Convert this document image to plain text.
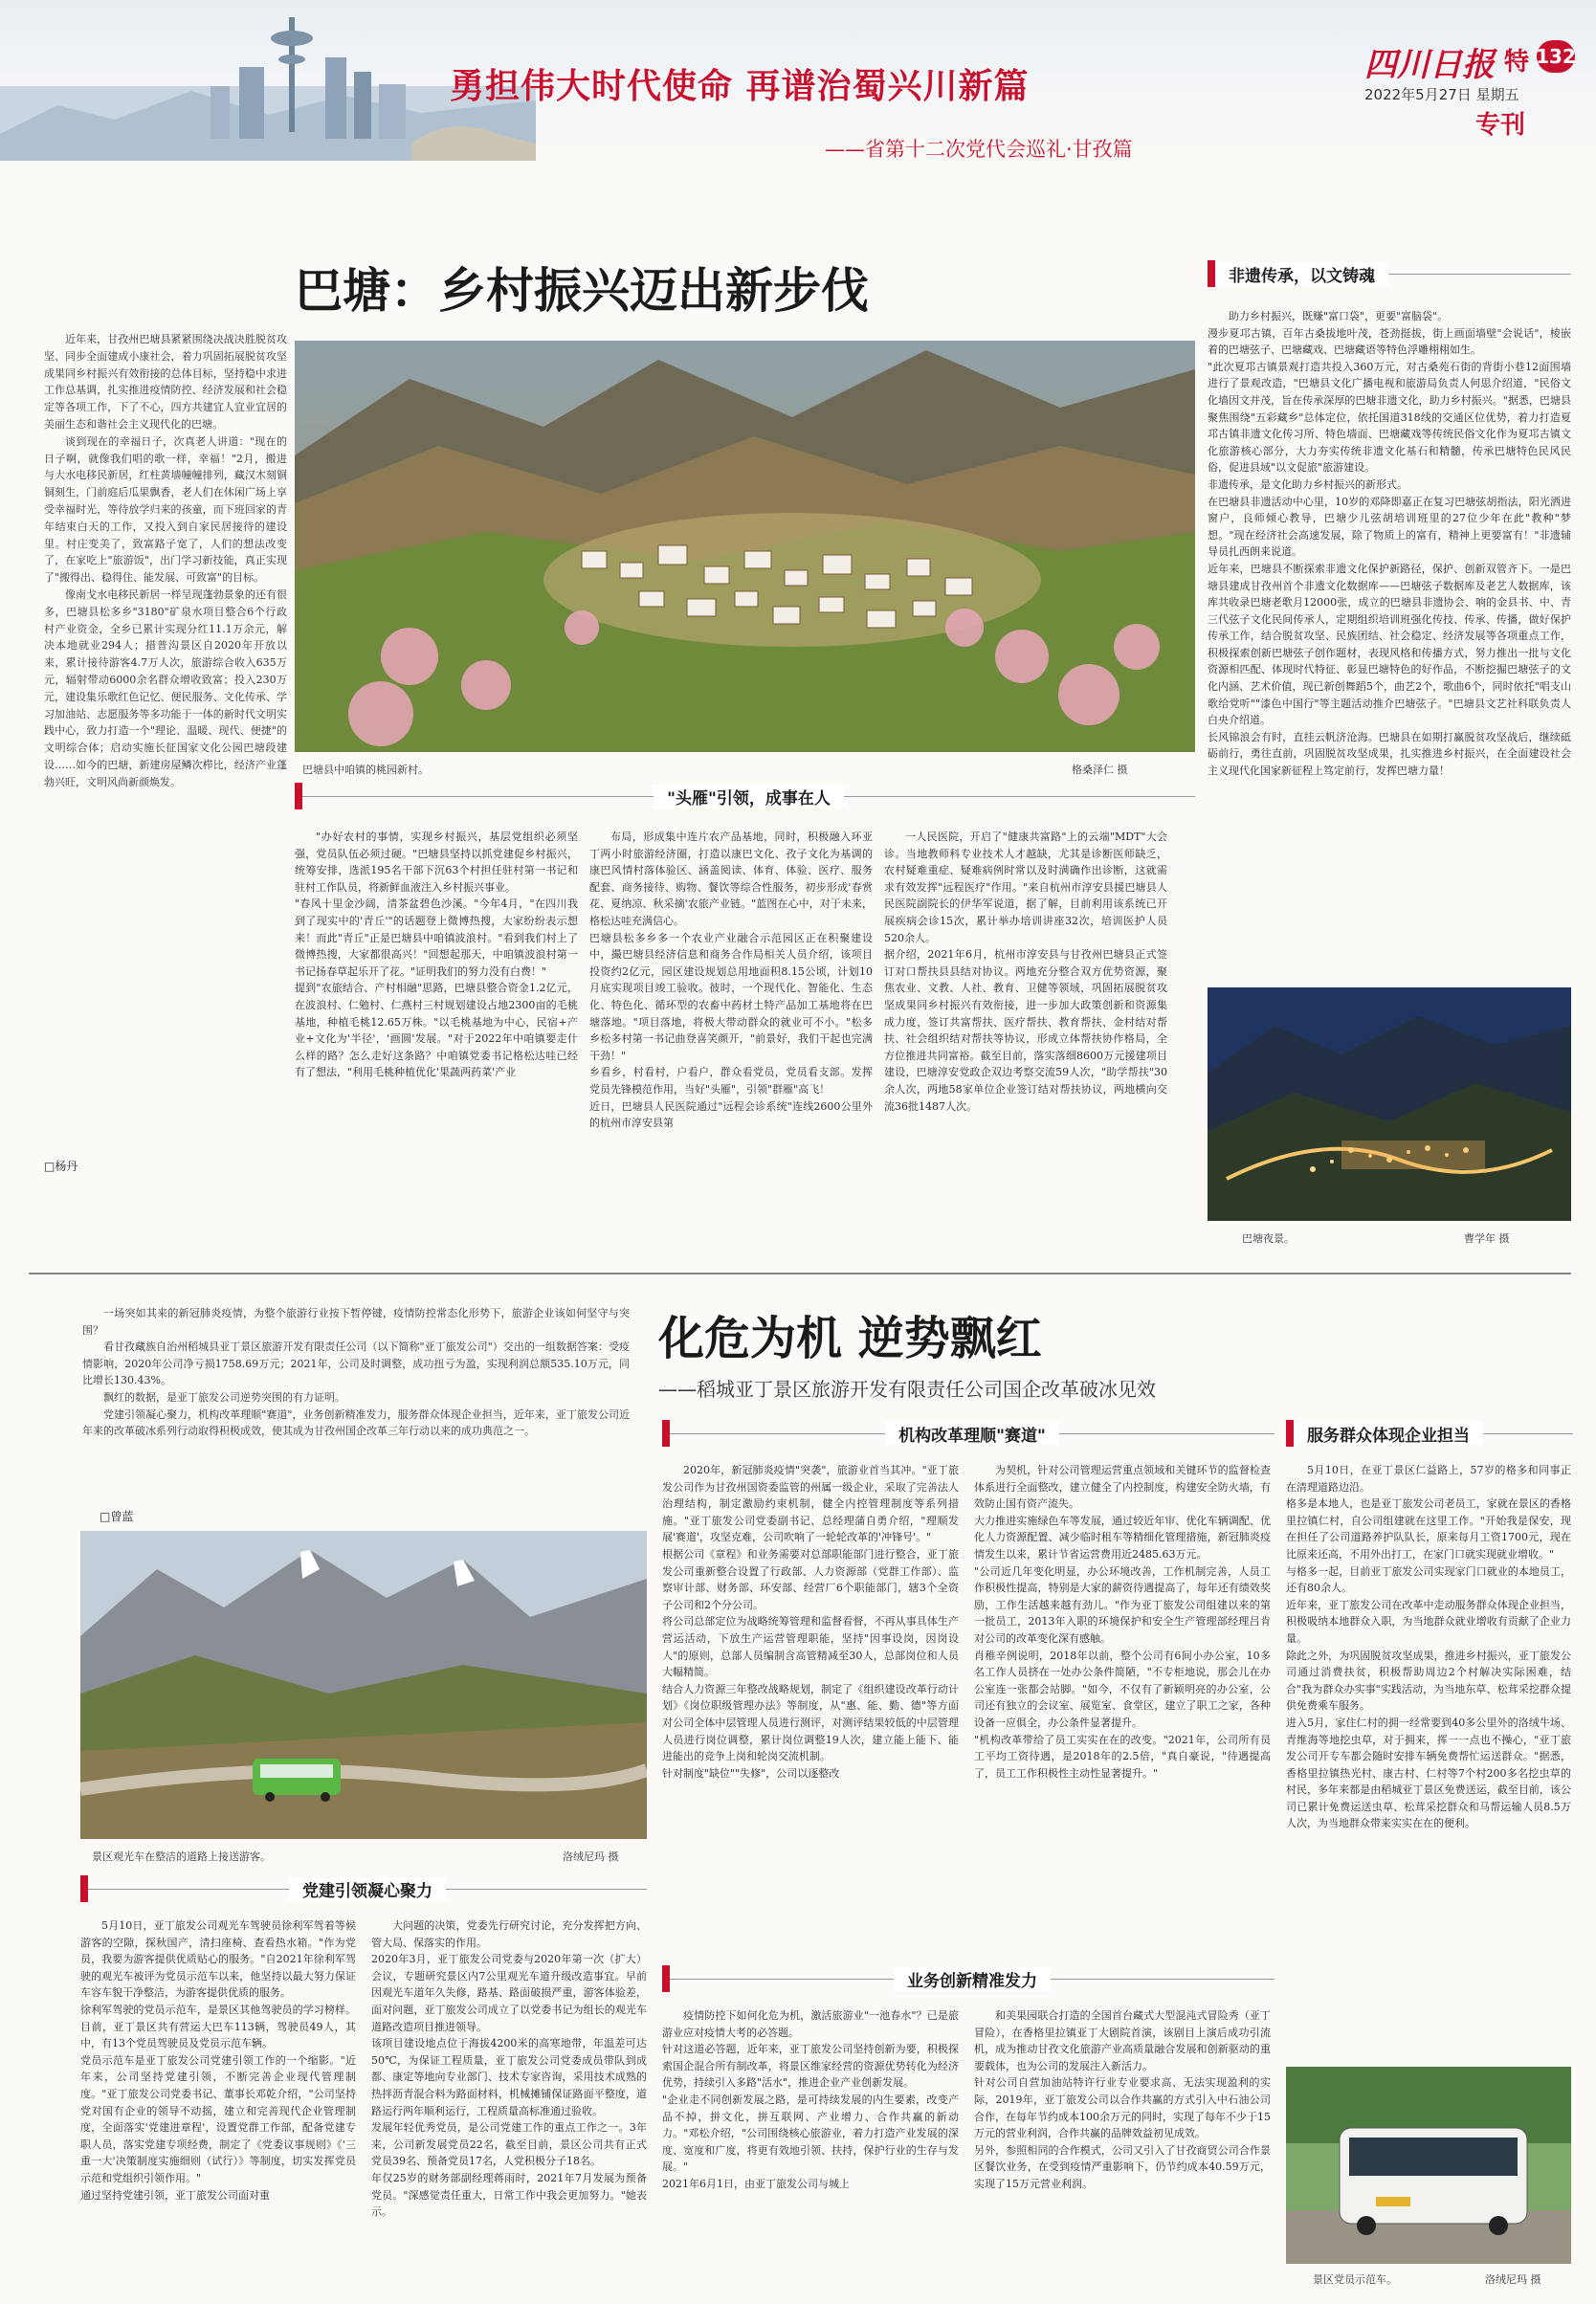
勇担伟大时代使命 再谱治蜀兴川新篇
——省第十二次党代会巡礼·甘孜篇
四川日报 特 132
2022年5月27日 星期五
专刊
巴塘：乡村振兴迈出新步伐

近年来，甘孜州巴塘县紧紧围绕决战决胜脱贫攻坚、同步全面建成小康社会，着力巩固拓展脱贫攻坚成果同乡村振兴有效衔接的总体目标，坚持稳中求进工作总基调，扎实推进疫情防控、经济发展和社会稳定等各项工作，下了不心，四方共建宜人宜业宜居的美丽生态和谐社会主义现代化的巴塘。

谈到现在的幸福日子，次真老人讲道："现在的日子啊，就像我们唱的歌一样，幸福！"2月，搬进与大水电移民新居，红柱黄墙幢幢排列，藏汉木刻铜铜刻生，门前庭后瓜果飘香，老人们在休闲广场上享受幸福时光，等待放学归来的孩童，而下班回家的青年结束白天的工作，又投入到自家民居接待的建设里。村庄变美了，致富路子宽了，人们的想法改变了，在家吃上"旅游饭"，出门学习新技能，真正实现了"搬得出、稳得住、能发展、可致富"的目标。

像南戈水电移民新居一样呈现蓬勃景象的还有很多，巴塘县松多乡"3180"矿泉水项目整合6个行政村产业资金，全乡已累计实现分红11.1万余元，解决本地就业294人；措普沟景区自2020年开放以来，累计接待游客4.7万人次，旅游综合收入635万元，辐射带动6000余名群众增收致富；投入230万元，建设集乐歌红色记忆、便民服务、文化传承、学习加油站、志愿服务等多功能于一体的新时代文明实践中心，致力打造一个"理论、温暖、现代、便捷"的文明综合体；启动实施长征国家文化公园巴塘段建设……如今的巴塘，新建房屋鳞次栉比，经济产业蓬勃兴旺，文明风尚新颜焕发。

□杨丹
巴塘县中咱镇的桃园新村。	格桑泽仁 摄
"头雁"引领，成事在人
"办好农村的事情，实现乡村振兴，基层党组织必须坚强，党员队伍必须过硬。"巴塘县坚持以抓党建促乡村振兴，统筹安排，选派195名干部下沉63个村担任驻村第一书记和驻村工作队员，将新鲜血液注入乡村振兴事业。
"春风十里金沙阔，清茶盆碧色沙溪。"今年4月，"在四川我到了现实中的'青丘'"的话题登上微博热搜，大家纷纷表示想来！而此"青丘"正是巴塘县中咱镇波浪村。"看到我们村上了微博热搜，大家都很高兴！"回想起那天，中咱镇波浪村第一书记扬春草起乐开了花。"证明我们的努力没有白费！"
提到"农旅结合、产村相融"思路，巴塘县整合资金1.2亿元，在波浪村、仁勉村、仁燕村三村规划建设占地2300亩的毛桃基地，种植毛桃12.65万株。"以毛桃基地为中心，民宿+产业+文化为'半径'，'画圆'发展。"对于2022年中咱镇要走什么样的路？怎么走好这条路？中咱镇党委书记格松达哇已经有了想法，"利用毛桃种植优化'果蔬两药菜'产业
布局，形成集中连片农产品基地，同时，积极融入环亚丁两小时旅游经济圈，打造以康巴文化、孜子文化为基调的康巴风情村落体验区、涵盖阅读、体育、体验、医疗、服务配套、商务接待、购物、餐饮等综合性服务，初步形成'春赏花、夏纳凉、秋采摘'农旅产业链。"蓝图在心中，对于未来，格松达哇充满信心。
巴塘县松多乡多一个农业产业融合示范园区正在积聚建设中，撮巴塘县经济信息和商务合作局相关人员介绍，该项目投资约2亿元，园区建设规划总用地面积8.15公顷，计划10月底实现项目竣工验收。彼时，一个现代化、智能化、生态化、特色化、循环型的农畜中药材土特产品加工基地将在巴塘落地。"项目落地，将极大带动群众的就业可不小。"松多乡松多村第一书记曲登喜笑颜开，"前景好，我们干起也完满干劲！"
乡看乡，村看村，户看户，群众看党员，党员看支部。发挥党员先锋模范作用，当好"头雁"，引领"群雁"高飞！
近日，巴塘县人民医院通过"远程会诊系统"连线2600公里外的杭州市淳安县第
一人民医院，开启了"健康共富路"上的云端"MDT"大会诊。当地教师科专业技术人才越缺，尤其是诊断医师缺乏，农村疑难重症、疑难病例时常以及时满确作出诊断，这就需求有效发挥"远程医疗"作用。"来自杭州市淳安县援巴塘县人民医院副院长的伊华军说道，据了解，目前利用该系统已开展疾病会诊15次，累计举办培训讲座32次，培训医护人员520余人。
据介绍，2021年6月，杭州市淳安县与甘孜州巴塘县正式签订对口帮扶县县结对协议。两地充分整合双方优势资源，聚焦农业、文教、人社、教育、卫健等领域，巩固拓展脱贫攻坚成果同乡村振兴有效衔接，进一步加大政策创新和资源集成力度，签订共富帮扶、医疗帮扶、教育帮扶、金村结对帮扶、社会组织结对帮扶等协议，形成立体帮扶协作格局，全方位推进共同富裕。截至目前，落实落细8600万元援建项目建设，巴塘淳安党政企双边考察交流59人次，"助学帮扶"30余人次，两地58家单位企业签订结对帮扶协议，两地横向交流36批1487人次。
非遗传承，以文铸魂
助力乡村振兴，既赚"富口袋"，更要"富脑袋"。
漫步夏邛古镇，百年古桑拔地叶茂，苍劲挺拔，街上画面墙壁"会说话"，棱嵌着的巴塘弦子、巴塘藏戏、巴塘藏语等特色浮雕栩栩如生。
"此次夏邛古镇景观打造共投入360万元，对古桑苑石街的背街小巷12面围墙进行了景观改造，"巴塘县文化广播电视和旅游局负责人何思介绍道，"民俗文化墙因文并茂，旨在传承深厚的巴塘非遗文化，助力乡村振兴。"据悉，巴塘县聚焦围绕"五彩藏乡"总体定位，依托国道318线的交通区位优势，着力打造夏邛古镇非遗文化传习所、特色墙面、巴塘藏戏等传统民俗文化作为夏邛古镇文化旅游核心部分，大力夯实传统非遗文化基石和精髓，传承巴塘特色民风民俗，促进县域"以文促旅"旅游建设。
非遗传承，是文化助力乡村振兴的新形式。
在巴塘县非遗活动中心里，10岁的邓降即嘉正在复习巴塘弦胡指法，阳光洒进窗户，良师倾心教导，巴塘少儿弦胡培训班里的27位少年在此"教种"梦想。"现在经济社会高速发展，除了物质上的富有，精神上更要富有！"非遗辅导员扎西朗来说道。
近年来，巴塘县不断探索非遗文化保护新路径，保护、创新双管齐下。一是巴塘县建成甘孜州首个非遗文化数据库——巴塘弦子数据库及老艺人数据库，该库共收录巴塘老歌月12000张，成立的巴塘县非遗协会、响的金县书、中、青三代弦子文化民间传承人，定期组织培训班强化传技、传承、传播，做好保护传承工作，结合脱贫攻坚、民族团结、社会稳定、经济发展等各项重点工作，积极探索创新巴塘弦子创作题材，表现风格和传播方式，努力推出一批与文化资源相匹配、体现时代特征、彰显巴塘特色的好作品，不断挖掘巴塘弦子的文化内涵、艺术价值，现已新创舞蹈5个，曲艺2个，歌曲6个，同时依托"唱支山歌给党听""漆色中国行"等主题活动推介巴塘弦子。"巴塘县文艺社科联负责人白央介绍道。
长风锦浪会有时，直挂云帆济沧海。巴塘县在如期打赢脱贫攻坚战后，继续砥砺前行，勇往直前，巩固脱贫攻坚成果，扎实推进乡村振兴，在全面建设社会主义现代化国家新征程上笃定前行，发挥巴塘力量！
巴塘夜景。	曹学年 摄
化危为机 逆势飘红
——稻城亚丁景区旅游开发有限责任公司国企改革破冰见效

一场突如其来的新冠肺炎疫情，为整个旅游行业按下暂停键，疫情防控常态化形势下，旅游企业该如何坚守与突围？

看甘孜藏族自治州稻城县亚丁景区旅游开发有限责任公司（以下简称"亚丁旅发公司"）交出的一组数据答案：受疫情影响，2020年公司净亏损1758.69万元；2021年，公司及时调整，成功扭亏为盈，实现利润总额535.10万元，同比增长130.43%。

飘红的数据，是亚丁旅发公司逆势突围的有力证明。

党建引领凝心聚力，机构改革理顺"赛道"，业务创新精准发力，服务群众体现企业担当，近年来，亚丁旅发公司近年来的改革破冰系列行动取得积极成效，使其成为甘孜州国企改革三年行动以来的成功典范之一。

□曾蓝
景区观光车在整洁的道路上接送游客。	洛绒尼玛 摄
党建引领凝心聚力
5月10日，亚丁旅发公司观光车驾驶员徐利军驾着等候游客的空隙，探秋国产，清扫座椅、查看热水箱。"作为党员，我要为游客提供优质贴心的服务。"自2021年徐利军驾驶的观光车被评为党员示范车以来，他坚持以最大努力保证车容车貌干净整洁，为游客提供优质的服务。
徐利军驾驶的党员示范车，是景区其他驾驶员的学习榜样。目前，亚丁景区共有营运大巴车113辆，驾驶员49人，其中，有13个党员驾驶员及党员示范车辆。
党员示范车是亚丁旅发公司党建引领工作的一个缩影。"近年来，公司坚持党建引领，不断完善企业现代管理制度。"亚丁旅发公司党委书记、董事长邓乾介绍，"公司坚持党对国有企业的领导不动摇，建立和完善现代企业管理制度，全面落实'党建进章程'，设置党群工作部，配备党建专职人员，落实党建专项经费，制定了《党委议事规则》《'三重一大'决策制度实施细则（试行）》等制度，切实发挥党员示范和党组织引领作用。"
通过坚持党建引领，亚丁旅发公司面对重
大问题的决策，党委先行研究讨论，充分发挥把方向、管大局、保落实的作用。
2020年3月，亚丁旅发公司党委与2020年第一次（扩大）会议，专题研究景区内7公里观光车道升级改造事宜。早前因观光车道年久失修，路基、路面破损严重，游客体验差，面对问题，亚丁旅发公司成立了以党委书记为组长的观光车道路改造项目推进领导。
该项目建设地点位于海拔4200米的高寒地带，年温差可达50℃，为保证工程质量，亚丁旅发公司党委成员带队到成都、康定等地向专业部门、技术专家咨询，采用技术成熟的热拌沥青混合料为路面材料，机械摊铺保证路面平整度，道路运行两年顺利运行，工程质量高标准通过验收。
发展年轻优秀党员，是公司党建工作的重点工作之一。3年来，公司新发展党员22名，截至目前，景区公司共有正式党员39名、预备党员17名，人党积极分子18名。
年仅25岁的财务部副经理蒋雨时，2021年7月发展为预备党员。"深感觉责任重大，日常工作中我会更加努力。"她表示。
机构改革理顺"赛道"
2020年，新冠肺炎疫情"突袭"，旅游业首当其冲。"亚丁旅发公司作为甘孜州国资委监管的州属一级企业，采取了完善法人治理结构，制定激励约束机制，健全内控管理制度等系列措施。"亚丁旅发公司党委副书记、总经理蒲自勇介绍，"理顺发展'赛道'，攻坚克难，公司吹响了一轮轮改革的'冲锋号'。"
根据公司《章程》和业务需要对总部职能部门进行整合，亚丁旅发公司重新整合设置了行政部、人力资源部（党群工作部）、监察审计部、财务部、环安部、经营厂6个职能部门，辖3个全资子公司和2个分公司。
将公司总部定位为战略统筹管理和监督看督，不再从事具体生产营运活动，下放生产运营管理职能，坚持"因事设岗，因岗设人"的原则，总部人员编制含高管精减至30人，总部岗位和人员大幅精简。
结合人力资源三年整改战略规划，制定了《组织建设改革行动计划》《岗位职级管理办法》等制度，从"惠、能、勤、德"等方面对公司全体中层管理人员进行测评，对测评结果较低的中层管理人员进行岗位调整，累计岗位调整19人次，建立能上能下、能进能出的竞争上岗和轮岗交流机制。
针对制度"缺位""失修"，公司以逐整改
为契机，针对公司管理运营重点领域和关键环节的监督检查体系进行全面整改，建立健全了内控制度，构建安全防火墙，有效防止国有资产流失。
大力推进实施绿色车等发展，通过较近年审、优化车辆调配、优化人力资源配置、减少临时租车等精细化管理措施，新冠肺炎疫情发生以来，累计节省运营费用近2485.63万元。
"公司近几年变化明显，办公环境改善，工作机制完善，人员工作积极性提高，特别是大家的薪资待遇提高了，每年还有绩效奖励，工作生活越来越有劲儿。"作为亚丁旅发公司组建以来的第一批员工，2013年入职的环境保护和安全生产管理部经理吕肯对公司的改革变化深有感触。
肖稚辛例说明，2018年以前，整个公司有6间小办公室，10多名工作人员挤在一处办公条件简陋，"不专柜地说，那会儿在办公室连一张都会站脚。"如今，不仅有了新颖明亮的办公室，公司还有独立的会议室、展览室、食堂区，建立了职工之家，各种设备一应俱全，办公条件显著提升。
"机构改革带给了员工实实在在的改变。"2021年，公司所有员工平均工资待遇，是2018年的2.5倍，"真自豪说，"待遇提高了，员工工作积极性主动性显著提升。"
业务创新精准发力
疫情防控下如何化危为机，激活旅游业"一池春水"？已是旅游业应对疫情大考的必答题。
针对这道必答题，近年来，亚丁旅发公司坚持创新为要，积极探索国企混合所有制改革，将景区维家经营的资源优势转化为经济优势，持续引入多路"活水"，推进企业产业创新发展。
"企业走不同创新发展之路，是可持续发展的内生要素，改变产品不掉，拼文化，拼互联网、产业增力、合作共赢的新动力。"邓松介绍，"公司围绕核心旅游业，着力打造产业发展的深度、宽度和广度，将更有效地引领、扶持，保护行业的生存与发展。"
2021年6月1日，由亚丁旅发公司与城上
和美果园联合打造的全国首台藏式大型混沌式冒险秀（亚丁冒险），在香格里拉镇亚丁大剧院首演，该剧目上演后成功引流机，成为推动甘孜文化旅游产业高质量融合发展和创新驱动的重要载体，也为公司的发展注入新活力。
针对公司自营加油站特许行业专业要求高、无法实现盈利的实际，2019年，亚丁旅发公司以合作共赢的方式引入中石油公司合作，在每年节约成本100余万元的同时，实现了每年不少于15万元的营业利润，合作共赢的品牌效益初见成效。
另外，参照相同的合作模式，公司又引入了甘孜商贸公司合作景区餐饮业务，在受到疫情严重影响下，仍节约成本40.59万元，实现了15万元营业利润。
服务群众体现企业担当
5月10日，在亚丁景区仁益路上，57岁的格多和同事正在清理道路边沿。
格多是本地人，也是亚丁旅发公司老员工，家就在景区的香格里拉镇仁村，自公司组建就在这里工作。"开始我是保安，现在担任了公司道路养护队队长，原来每月工资1700元，现在比原来还高，不用外出打工，在家门口就实现就业增收。"
与格多一起，目前亚丁旅发公司实现家门口就业的本地员工，还有80余人。
近年来，亚丁旅发公司在改革中走动服务群众体现企业担当，积极吸纳本地群众入职，为当地群众就业增收有贡献了企业力量。
除此之外，为巩固脱贫攻坚成果，推进乡村振兴，亚丁旅发公司通过消费扶贫，积极帮助周边2个村解决实际困难，结合"我为群众办实事"实践活动，为当地东草、松茸采挖群众提供免费乘车服务。
进入5月，家住仁村的拥一经常要到40多公里外的洛绒牛场、青维海等地挖虫草，对于拥来，挥一一点也不操心，"亚丁旅发公司开专车都会随时安排车辆免费帮忙运送群众。"据悉，香格里拉镇热光村、康古村、仁村等7个村200多名挖虫草的村民，多年来都是由稻城亚丁景区免费送运，截至目前，该公司已累计免费运送虫草、松茸采挖群众和马帮运输人员8.5万人次，为当地群众带来实实在在的便利。
景区党员示范车。	洛绒尼玛 摄
